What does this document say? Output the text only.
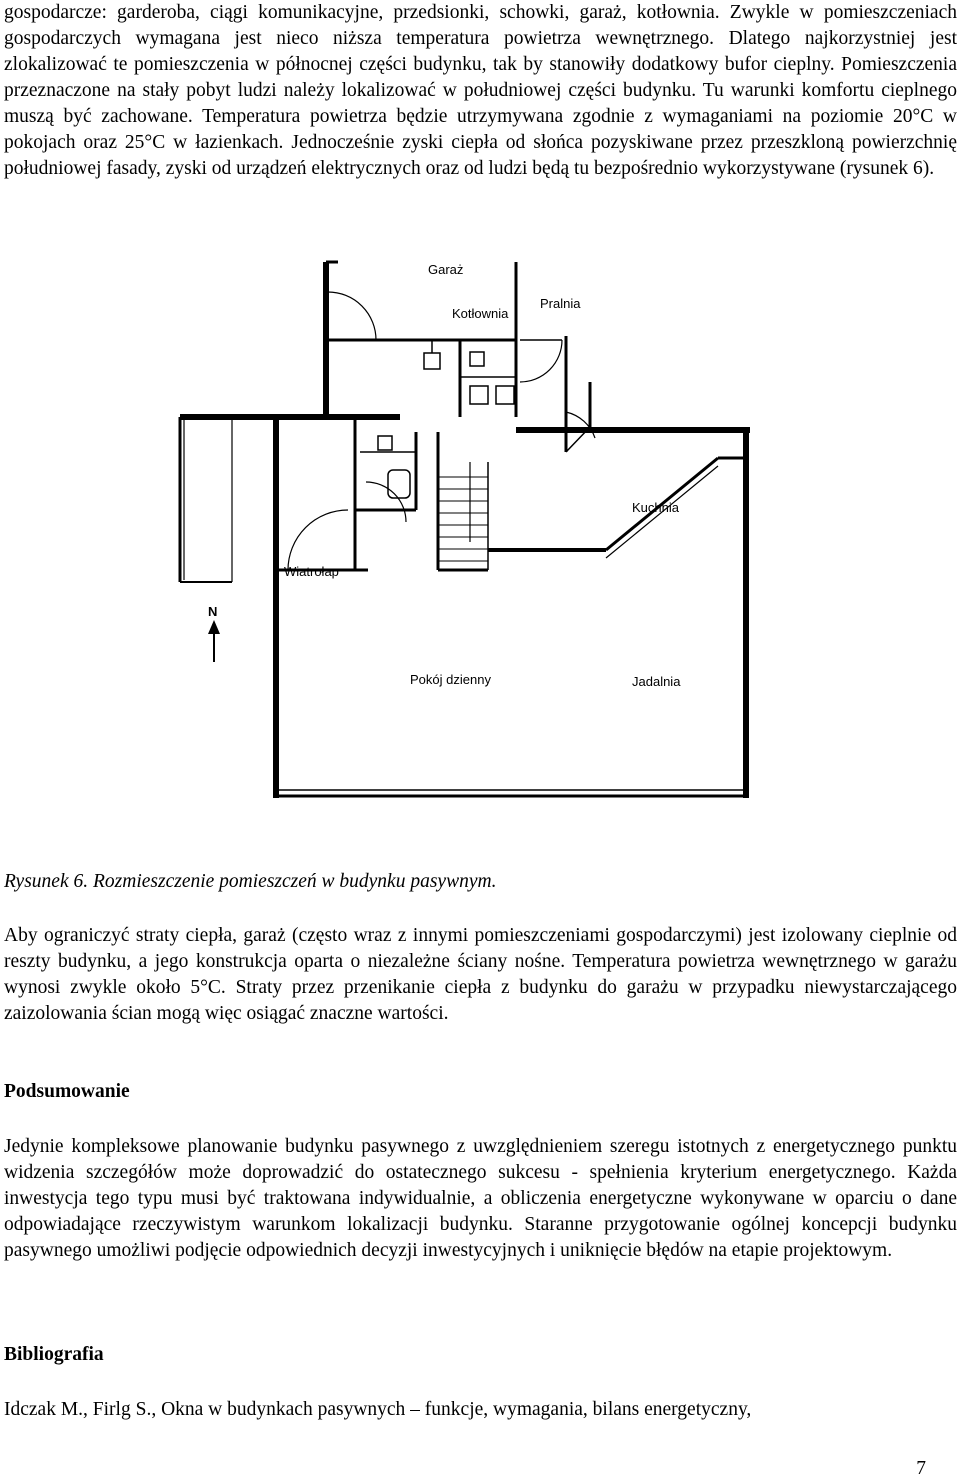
gospodarcze: garderoba, ciągi komunikacyjne, przedsionki, schowki, garaż, kotłownia. Zwykle w pomieszczeniach gospodarczych wymagana jest nieco niższa temperatura powietrza wewnętrznego. Dlatego najkorzystniej jest zlokalizować te pomieszczenia w północnej części budynku, tak by stanowiły dodatkowy bufor cieplny. Pomieszczenia przeznaczone na stały pobyt ludzi należy lokalizować w południowej części budynku. Tu warunki komfortu cieplnego muszą być zachowane. Temperatura powietrza będzie utrzymywana zgodnie z wymaganiami na poziomie 20°C w pokojach oraz 25°C w łazienkach. Jednocześnie zyski ciepła od słońca pozyskiwane przez przeszkloną powierzchnię południowej fasady, zyski od urządzeń elektrycznych oraz od ludzi będą tu bezpośrednio wykorzystywane (rysunek 6).

Garaż
Pralnia
Kotłownia
Kuchnia
Wiatrołap
Pokój dzienny	Jadalnia
N

Rysunek 6. Rozmieszczenie pomieszczeń w budynku pasywnym.

Aby ograniczyć straty ciepła, garaż (często wraz z innymi pomieszczeniami gospodarczymi) jest izolowany cieplnie od reszty budynku, a jego konstrukcja oparta o niezależne ściany nośne. Temperatura powietrza wewnętrznego w garażu wynosi zwykle około 5°C. Straty przez przenikanie ciepła z budynku do garażu w przypadku niewystarczającego zaizolowania ścian mogą więc osiągać znaczne wartości.

Podsumowanie

Jedynie kompleksowe planowanie budynku pasywnego z uwzględnieniem szeregu istotnych z energetycznego punktu widzenia szczegółów może doprowadzić do ostatecznego sukcesu - spełnienia kryterium energetycznego. Każda inwestycja tego typu musi być traktowana indywidualnie, a obliczenia energetyczne wykonywane w oparciu o dane odpowiadające rzeczywistym warunkom lokalizacji budynku. Staranne przygotowanie ogólnej koncepcji budynku pasywnego umożliwi podjęcie odpowiednich decyzji inwestycyjnych i uniknięcie błędów na etapie projektowym.

Bibliografia

Idczak M., Firlg S., Okna w budynkach pasywnych – funkcje, wymagania, bilans energetyczny,

7
